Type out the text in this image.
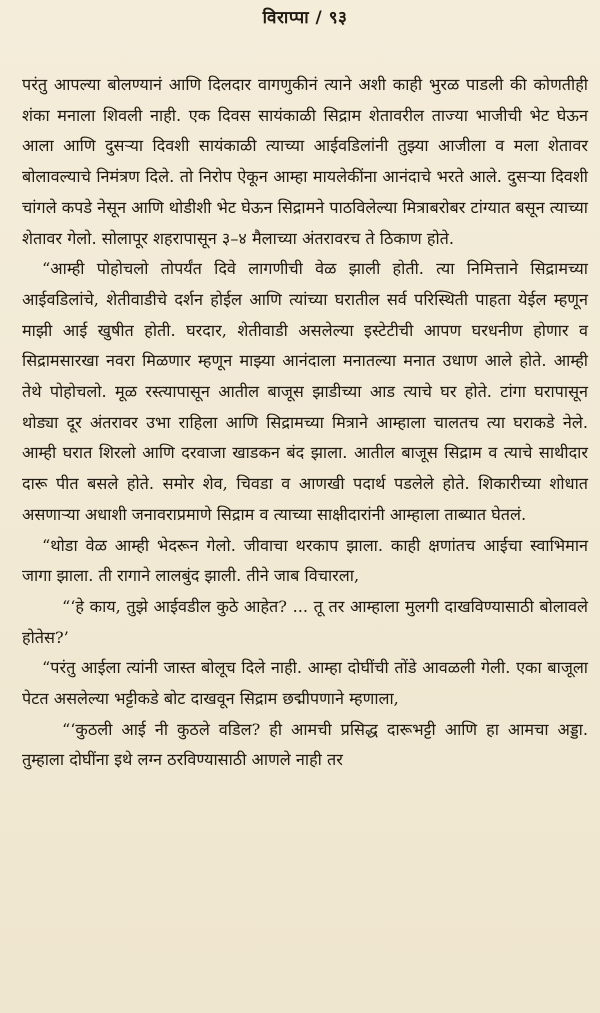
विराप्पा / ९३

परंतु आपल्या बोलण्यानं आणि दिलदार वागणुकीनं त्याने अशी काही भुरळ पाडली की कोणतीही शंका मनाला शिवली नाही. एक दिवस सायंकाळी सिद्राम शेतावरील ताज्या भाजीची भेट घेऊन आला आणि दुसऱ्या दिवशी सायंकाळी त्याच्या आईवडिलांनी तुझ्या आजीला व मला शेतावर बोलावल्याचे निमंत्रण दिले. तो निरोप ऐकून आम्हा मायलेकींना आनंदाचे भरते आले. दुसऱ्या दिवशी चांगले कपडे नेसून आणि थोडीशी भेट घेऊन सिद्रामने पाठविलेल्या मित्राबरोबर टांग्यात बसून त्याच्या शेतावर गेलो. सोलापूर शहरापासून ३–४ मैलाच्या अंतरावरच ते ठिकाण होते.

“आम्ही पोहोचलो तोपर्यंत दिवे लागणीची वेळ झाली होती. त्या निमित्ताने सिद्रामच्या आईवडिलांचे, शेतीवाडीचे दर्शन होईल आणि त्यांच्या घरातील सर्व परिस्थिती पाहता येईल म्हणून माझी आई खुषीत होती. घरदार, शेतीवाडी असलेल्या इस्टेटीची आपण घरधनीण होणार व सिद्रामसारखा नवरा मिळणार म्हणून माझ्या आनंदाला मनातल्या मनात उधाण आले होते. आम्ही तेथे पोहोचलो. मूळ रस्त्यापासून आतील बाजूस झाडीच्या आड त्याचे घर होते. टांगा घरापासून थोड्या दूर अंतरावर उभा राहिला आणि सिद्रामच्या मित्राने आम्हाला चालतच त्या घराकडे नेले. आम्ही घरात शिरलो आणि दरवाजा खाडकन बंद झाला. आतील बाजूस सिद्राम व त्याचे साथीदार दारू पीत बसले होते. समोर शेव, चिवडा व आणखी पदार्थ पडलेले होते. शिकारीच्या शोधात असणाऱ्या अधाशी जनावराप्रमाणे सिद्राम व त्याच्या साक्षीदारांनी आम्हाला ताब्यात घेतलं.

“थोडा वेळ आम्ही भेदरून गेलो. जीवाचा थरकाप झाला. काही क्षणांतच आईचा स्वाभिमान जागा झाला. ती रागाने लालबुंद झाली. तीने जाब विचारला,

“‘हे काय, तुझे आईवडील कुठे आहेत? ... तू तर आम्हाला मुलगी दाखविण्यासाठी बोलावले होतेस?’

“परंतु आईला त्यांनी जास्त बोलूच दिले नाही. आम्हा दोघींची तोंडे आवळली गेली. एका बाजूला पेटत असलेल्या भट्टीकडे बोट दाखवून सिद्राम छद्मीपणाने म्हणाला,

“‘कुठली आई नी कुठले वडिल? ही आमची प्रसिद्ध दारूभट्टी आणि हा आमचा अड्डा. तुम्हाला दोघींना इथे लग्न ठरविण्यासाठी आणले नाही तर
